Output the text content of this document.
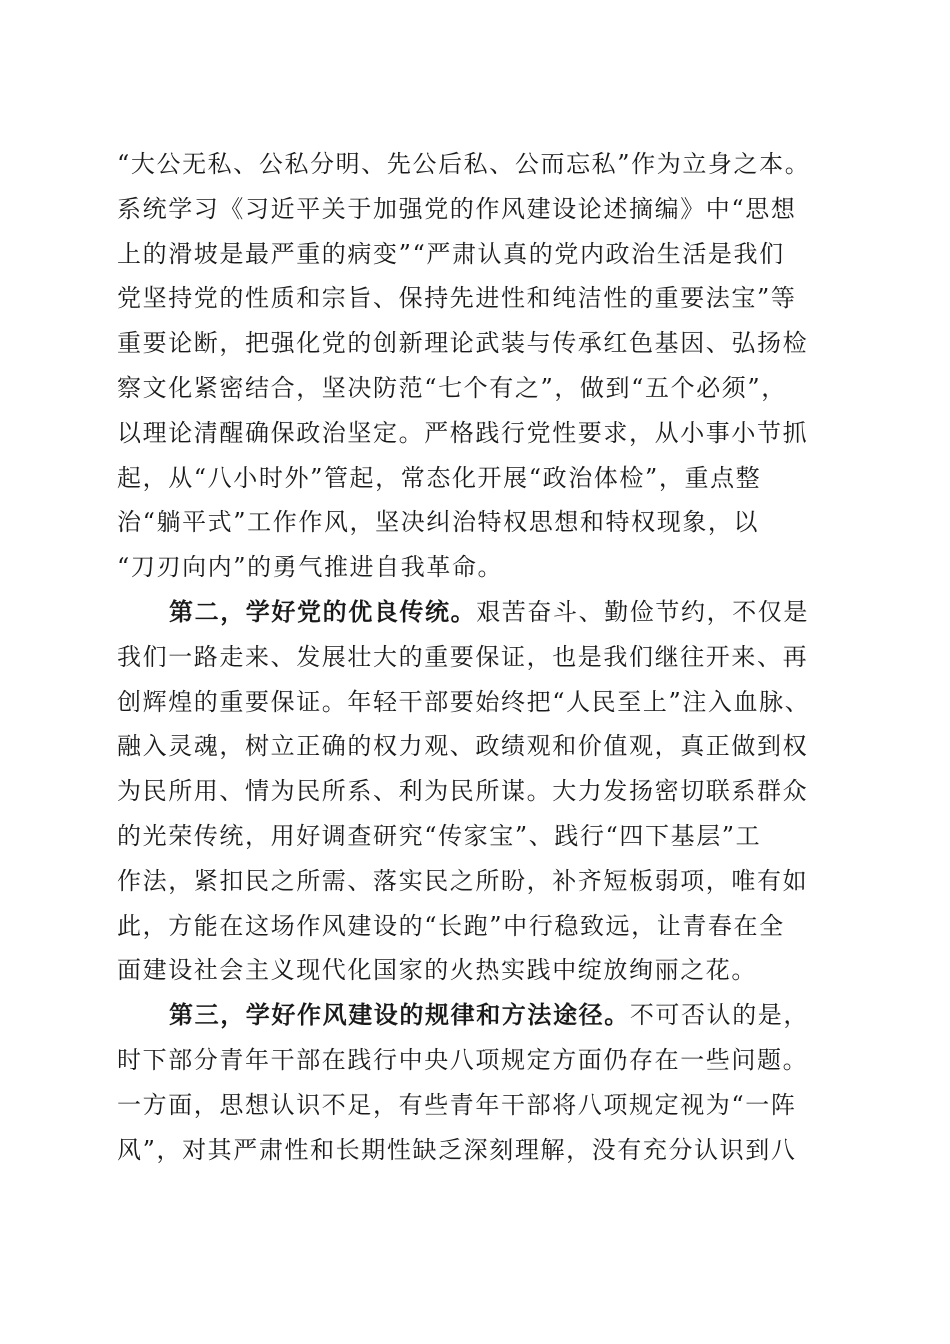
“大公无私、公私分明、先公后私、公而忘私”作为立身之本。
系统学习《习近平关于加强党的作风建设论述摘编》中“思想
上的滑坡是最严重的病变”“严肃认真的党内政治生活是我们
党坚持党的性质和宗旨、保持先进性和纯洁性的重要法宝”等
重要论断，把强化党的创新理论武装与传承红色基因、弘扬检
察文化紧密结合，坚决防范“七个有之”，做到“五个必须”，
以理论清醒确保政治坚定。严格践行党性要求，从小事小节抓
起，从“八小时外”管起，常态化开展“政治体检”，重点整
治“躺平式”工作作风，坚决纠治特权思想和特权现象，以
“刀刃向内”的勇气推进自我革命。
第二，学好党的优良传统。艰苦奋斗、勤俭节约，不仅是
我们一路走来、发展壮大的重要保证，也是我们继往开来、再
创辉煌的重要保证。年轻干部要始终把“人民至上”注入血脉、
融入灵魂，树立正确的权力观、政绩观和价值观，真正做到权
为民所用、情为民所系、利为民所谋。大力发扬密切联系群众
的光荣传统，用好调查研究“传家宝”、践行“四下基层”工
作法，紧扣民之所需、落实民之所盼，补齐短板弱项，唯有如
此，方能在这场作风建设的“长跑”中行稳致远，让青春在全
面建设社会主义现代化国家的火热实践中绽放绚丽之花。
第三，学好作风建设的规律和方法途径。不可否认的是，
时下部分青年干部在践行中央八项规定方面仍存在一些问题。
一方面，思想认识不足，有些青年干部将八项规定视为“一阵
风”，对其严肃性和长期性缺乏深刻理解，没有充分认识到八
